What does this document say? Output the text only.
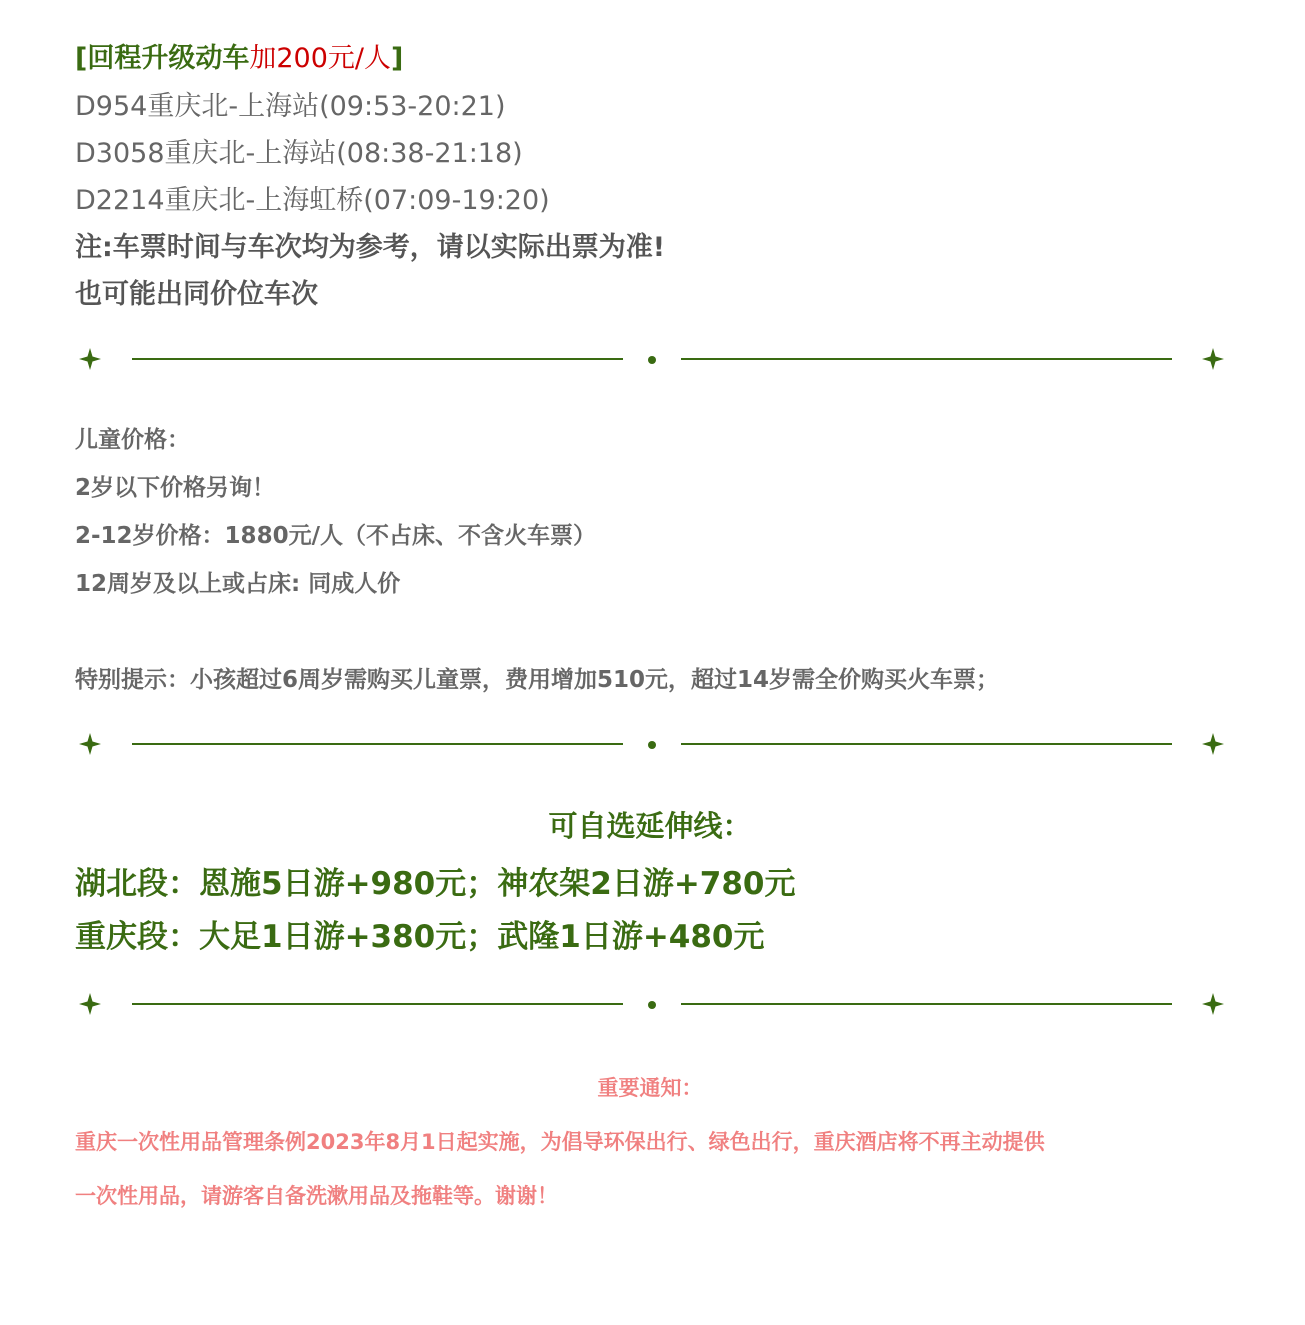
[回程升级动车加200元/人]
D954重庆北-上海站(09:53-20:21)
D3058重庆北-上海站(08:38-21:18)
D2214重庆北-上海虹桥(07:09-19:20)
注:车票时间与车次均为参考，请以实际出票为准!
也可能出同价位车次
儿童价格：
2岁以下价格另询！
2-12岁价格：1880元/人（不占床、不含火车票）
12周岁及以上或占床: 同成人价
特别提示：小孩超过6周岁需购买儿童票，费用增加510元，超过14岁需全价购买火车票；
可自选延伸线：
湖北段：恩施5日游+980元；神农架2日游+780元
重庆段：大足1日游+380元；武隆1日游+480元
重要通知：
重庆一次性用品管理条例2023年8月1日起实施，为倡导环保出行、绿色出行，重庆酒店将不再主动提供
一次性用品，请游客自备洗漱用品及拖鞋等。谢谢！
